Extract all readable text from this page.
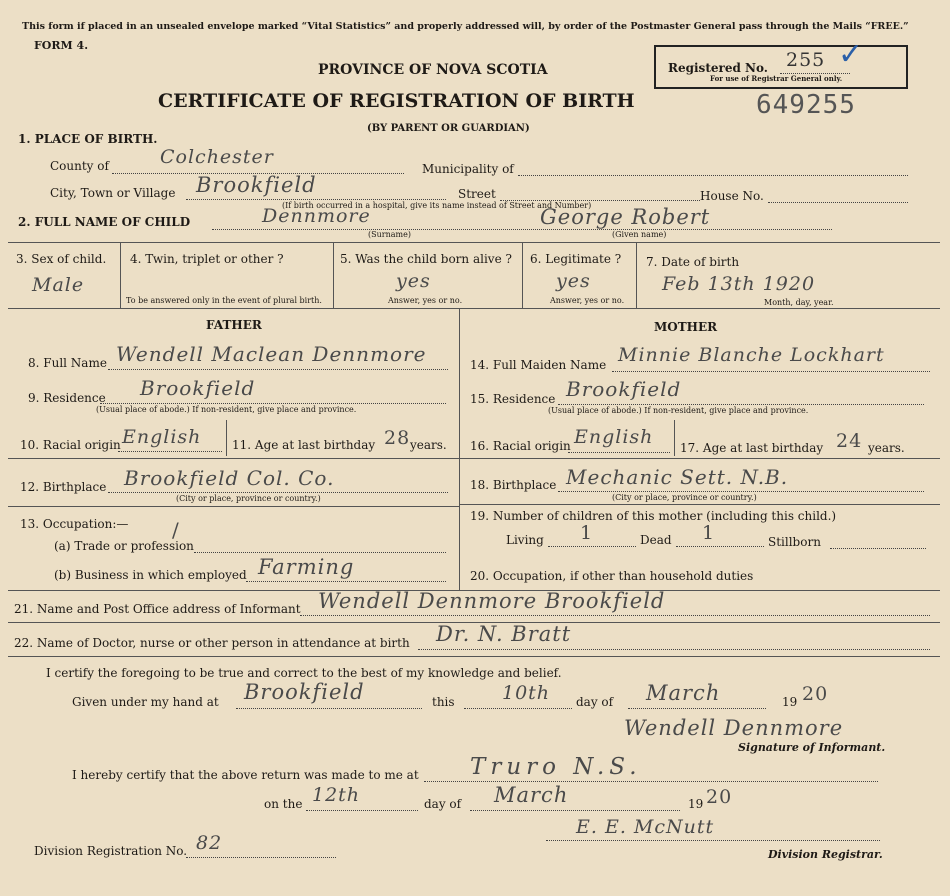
This form if placed in an unsealed envelope marked “Vital Statistics” and properly addressed will, by order of the Postmaster General pass through the Mails “FREE.”
FORM 4.
PROVINCE OF NOVA SCOTIA
CERTIFICATE OF REGISTRATION OF BIRTH
(BY PARENT OR GUARDIAN)
Registered No. 255
For use of Registrar General only.
✓
649255
1. PLACE OF BIRTH.
County of	Colchester
Municipality of
City, Town or Village Brookfield	Street	House No.
(If birth occurred in a hospital, give its name instead of Street and Number)
2. FULL NAME OF CHILD	Dennmore	George Robert
(Surname)	(Given name)
3. Sex of child.
Male
4. Twin, triplet or other ?
To be answered only in the event of plural birth.
5. Was the child born alive ?
yes
Answer, yes or no.
6. Legitimate ?
yes
Answer, yes or no.
7. Date of birth
Feb 13th 1920
Month, day, year.
FATHER
8. Full Name Wendell Maclean Dennmore
9. Residence Brookfield
(Usual place of abode.) If non-resident, give place and province.
10. Racial origin English	11. Age at last birthday 28 years.
12. Birthplace Brookfield Col. Co.
(City or place, province or country.)
13. Occupation:—
(a) Trade or profession
/
(b) Business in which employed Farming
MOTHER
14. Full Maiden Name Minnie Blanche Lockhart
15. Residence Brookfield
(Usual place of abode.) If non-resident, give place and province.
16. Racial origin English 17. Age at last birthday 24 years.
18. Birthplace Mechanic Sett. N.B.
(City or place, province or country.)
19. Number of children of this mother (including this child.)
Living 1	Dead 1	Stillborn
20. Occupation, if other than household duties
21. Name and Post Office address of Informant Wendell Dennmore Brookfield
22. Name of Doctor, nurse or other person in attendance at birth Dr. N. Bratt
I certify the foregoing to be true and correct to the best of my knowledge and belief.
Given under my hand at Brookfield	this 10th day of March	19 20
Wendell Dennmore
Signature of Informant.
I hereby certify that the above return was made to me at Truro N.S.
on the 12th	day of March	19 20
E. E. McNutt
Division Registration No. 82
Division Registrar.
